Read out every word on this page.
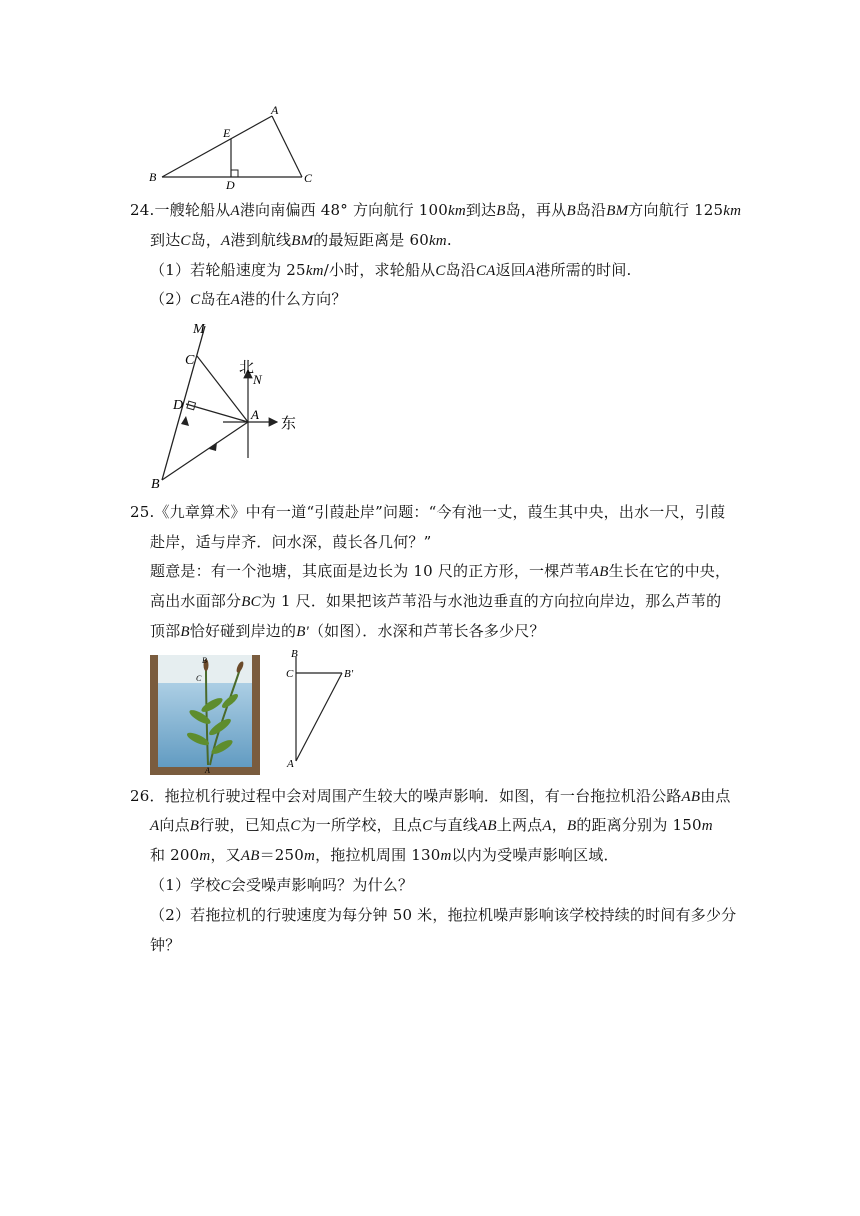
A
E
B
D	C
24.一艘轮船从A港向南偏西 48° 方向航行 100km到达B岛，再从B岛沿BM方向航行 125km
到达C岛，A港到航线BM的最短距离是 60km.
（1）若轮船速度为 25km/小时，求轮船从C岛沿CA返回A港所需的时间.
（2）C岛在A港的什么方向？
M
C
D
A
B
N
北
东
25.《九章算术》中有一道“引葭赴岸”问题：“今有池一丈，葭生其中央，出水一尺，引葭
赴岸，适与岸齐．问水深，葭长各几何？”
题意是：有一个池塘，其底面是边长为 10 尺的正方形，一棵芦苇AB生长在它的中央，
高出水面部分BC为 1 尺．如果把该芦苇沿与水池边垂直的方向拉向岸边，那么芦苇的
顶部B恰好碰到岸边的B'（如图）．水深和芦苇长各多少尺？
B
C
A
B
C	B'
A
26．拖拉机行驶过程中会对周围产生较大的噪声影响．如图，有一台拖拉机沿公路AB由点
A向点B行驶，已知点C为一所学校，且点C与直线AB上两点A，B的距离分别为 150m
和 200m，又AB＝250m，拖拉机周围 130m以内为受噪声影响区域．
（1）学校C会受噪声影响吗？为什么？
（2）若拖拉机的行驶速度为每分钟 50 米，拖拉机噪声影响该学校持续的时间有多少分
钟？
